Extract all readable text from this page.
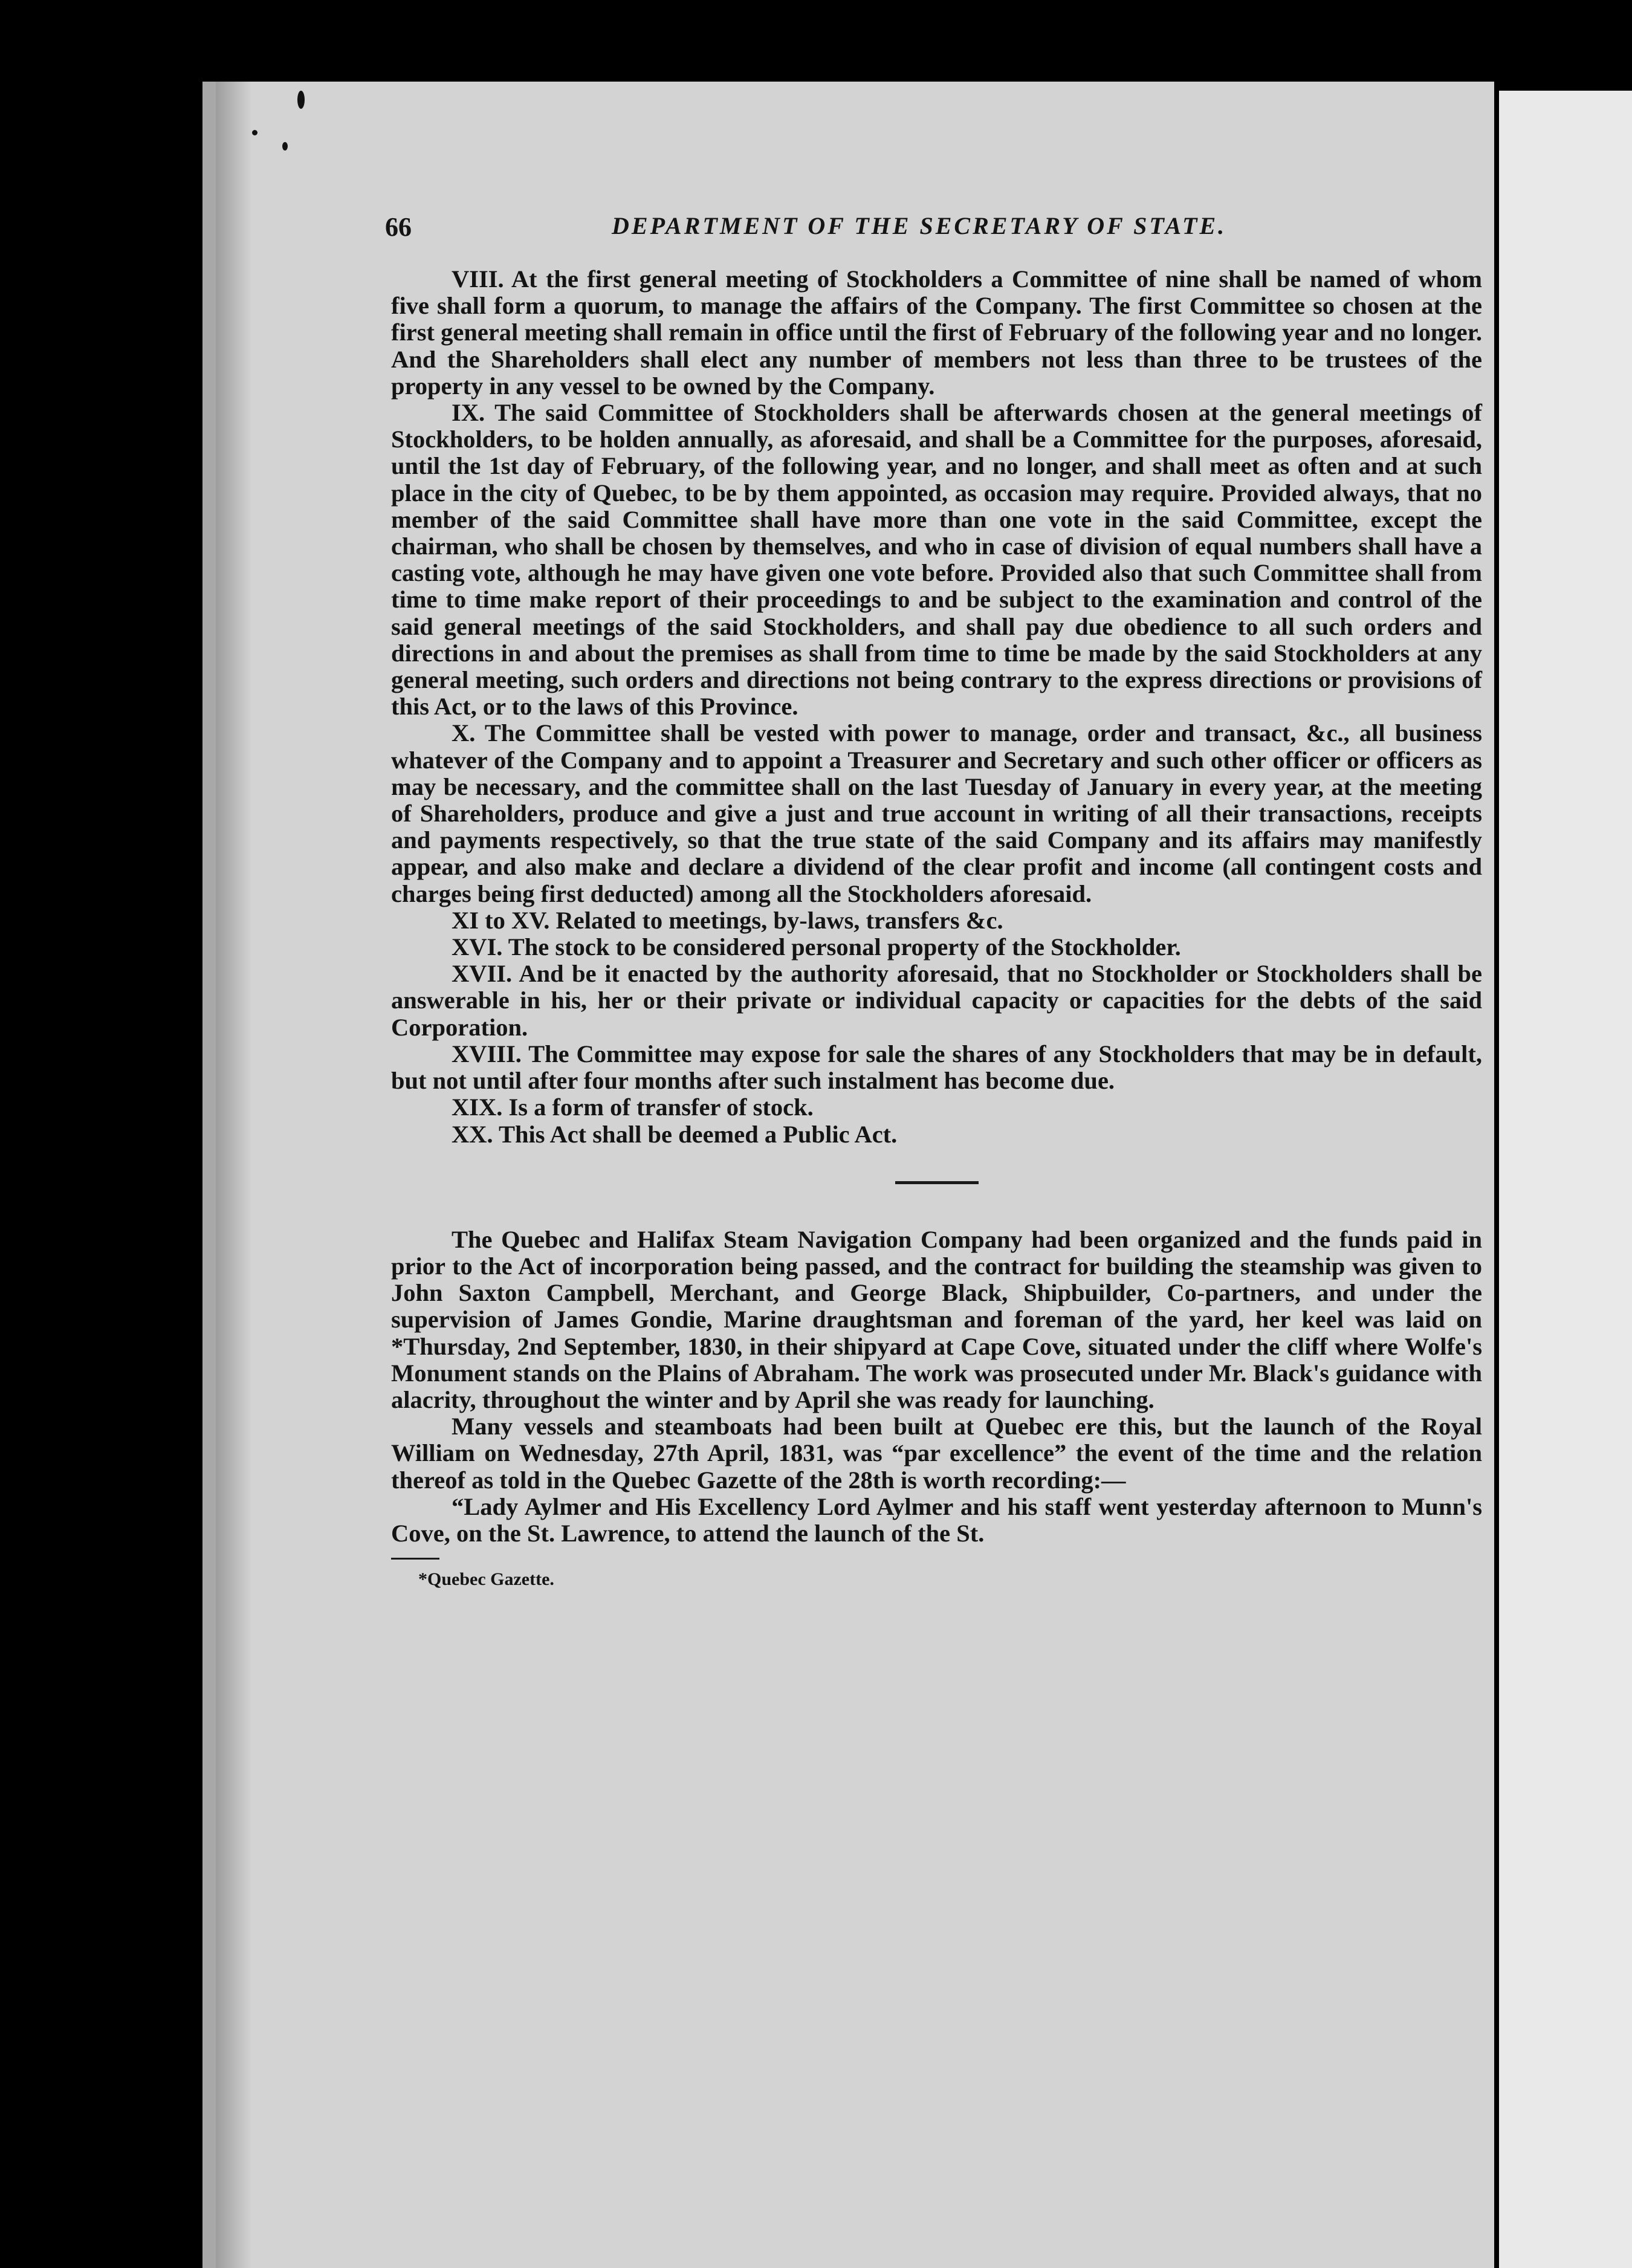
66	DEPARTMENT OF THE SECRETARY OF STATE.

VIII. At the first general meeting of Stockholders a Committee of nine shall be named of whom five shall form a quorum, to manage the affairs of the Company. The first Committee so chosen at the first general meeting shall remain in office until the first of February of the following year and no longer. And the Shareholders shall elect any number of members not less than three to be trustees of the property in any vessel to be owned by the Company.

IX. The said Committee of Stockholders shall be afterwards chosen at the general meetings of Stockholders, to be holden annually, as aforesaid, and shall be a Committee for the purposes, aforesaid, until the 1st day of February, of the following year, and no longer, and shall meet as often and at such place in the city of Quebec, to be by them appointed, as occasion may require. Provided always, that no member of the said Committee shall have more than one vote in the said Committee, except the chairman, who shall be chosen by themselves, and who in case of division of equal numbers shall have a casting vote, although he may have given one vote before. Provided also that such Committee shall from time to time make report of their proceedings to and be subject to the examination and control of the said general meetings of the said Stockholders, and shall pay due obedience to all such orders and directions in and about the premises as shall from time to time be made by the said Stockholders at any general meeting, such orders and directions not being contrary to the express directions or provisions of this Act, or to the laws of this Province.

X. The Committee shall be vested with power to manage, order and transact, &c., all business whatever of the Company and to appoint a Treasurer and Secretary and such other officer or officers as may be necessary, and the committee shall on the last Tuesday of January in every year, at the meeting of Shareholders, produce and give a just and true account in writing of all their transactions, receipts and payments respectively, so that the true state of the said Company and its affairs may manifestly appear, and also make and declare a dividend of the clear profit and income (all contingent costs and charges being first deducted) among all the Stockholders aforesaid.

XI to XV. Related to meetings, by-laws, transfers &c.

XVI. The stock to be considered personal property of the Stockholder.

XVII. And be it enacted by the authority aforesaid, that no Stockholder or Stockholders shall be answerable in his, her or their private or individual capacity or capacities for the debts of the said Corporation.

XVIII. The Committee may expose for sale the shares of any Stockholders that may be in default, but not until after four months after such instalment has become due.

XIX. Is a form of transfer of stock.

XX. This Act shall be deemed a Public Act.

The Quebec and Halifax Steam Navigation Company had been organized and the funds paid in prior to the Act of incorporation being passed, and the contract for building the steamship was given to John Saxton Campbell, Merchant, and George Black, Shipbuilder, Co-partners, and under the supervision of James Gondie, Marine draughtsman and foreman of the yard, her keel was laid on *Thursday, 2nd September, 1830, in their shipyard at Cape Cove, situated under the cliff where Wolfe's Monument stands on the Plains of Abraham. The work was prosecuted under Mr. Black's guidance with alacrity, throughout the winter and by April she was ready for launching.

Many vessels and steamboats had been built at Quebec ere this, but the launch of the Royal William on Wednesday, 27th April, 1831, was “par excellence” the event of the time and the relation thereof as told in the Quebec Gazette of the 28th is worth recording:—

“Lady Aylmer and His Excellency Lord Aylmer and his staff went yesterday afternoon to Munn's Cove, on the St. Lawrence, to attend the launch of the St.

*Quebec Gazette.
